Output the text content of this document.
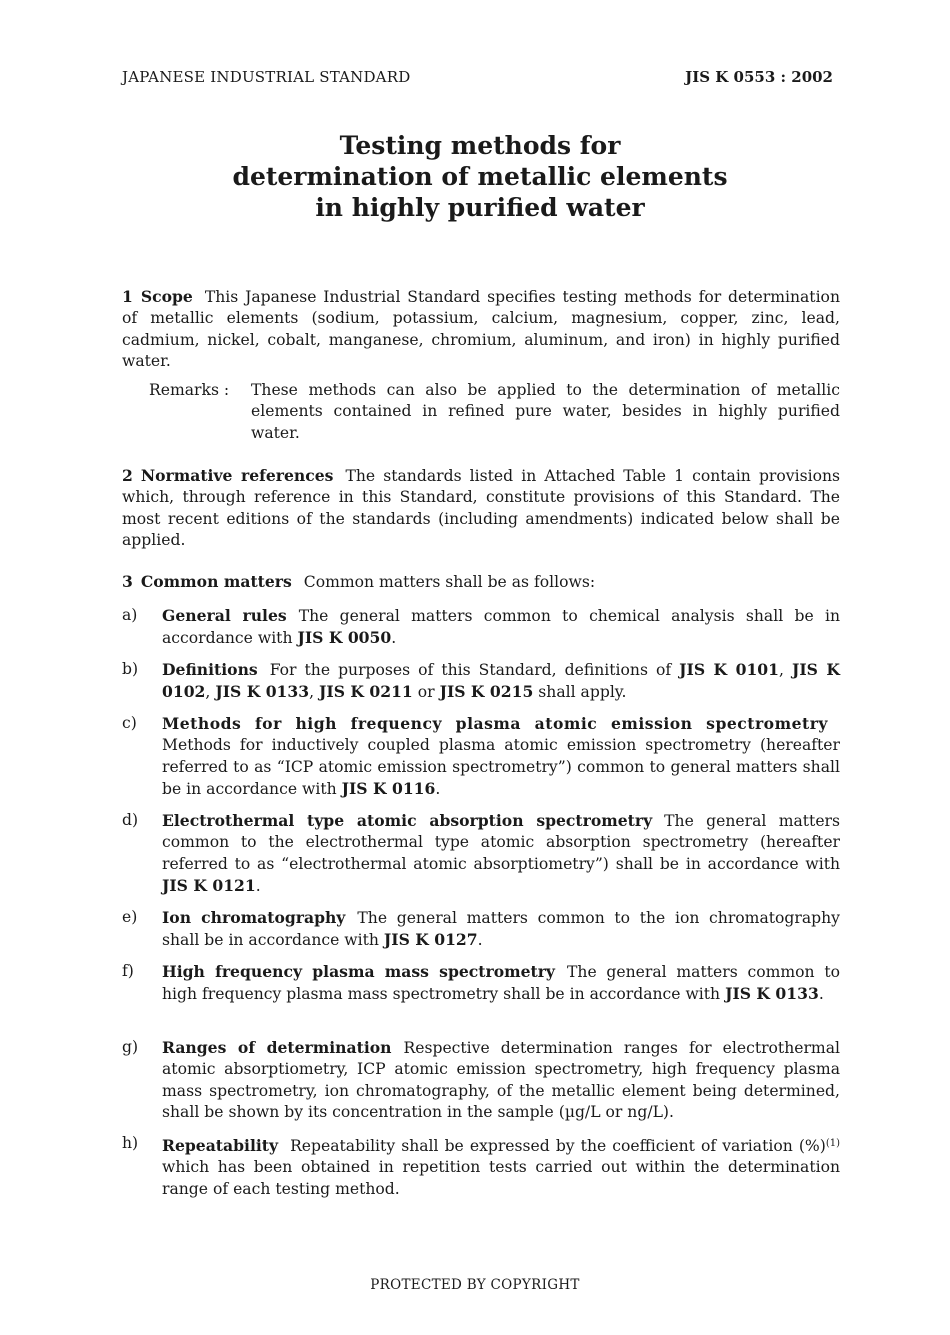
JAPANESE INDUSTRIAL STANDARD	JIS K 0553 : 2002
Testing methods for
determination of metallic elements
in highly purified water
1 Scope This Japanese Industrial Standard specifies testing methods for determination of metallic elements (sodium, potassium, calcium, magnesium, copper, zinc, lead, cadmium, nickel, cobalt, manganese, chromium, aluminum, and iron) in highly purified water.
Remarks : These methods can also be applied to the determination of metallic elements contained in refined pure water, besides in highly purified water.
2 Normative references The standards listed in Attached Table 1 contain provisions which, through reference in this Standard, constitute provisions of this Standard. The most recent editions of the standards (including amendments) indicated below shall be applied.
3 Common matters Common matters shall be as follows:
a) General rules The general matters common to chemical analysis shall be in accordance with JIS K 0050.
b) Definitions For the purposes of this Standard, definitions of JIS K 0101, JIS K 0102, JIS K 0133, JIS K 0211 or JIS K 0215 shall apply.
c) Methods for high frequency plasma atomic emission spectrometry Methods for inductively coupled plasma atomic emission spectrometry (hereafter referred to as “ICP atomic emission spectrometry”) common to general matters shall be in accordance with JIS K 0116.
d) Electrothermal type atomic absorption spectrometry The general matters common to the electrothermal type atomic absorption spectrometry (hereafter referred to as “electrothermal atomic absorptiometry”) shall be in accordance with JIS K 0121.
e) Ion chromatography The general matters common to the ion chromatography shall be in accordance with JIS K 0127.
f) High frequency plasma mass spectrometry The general matters common to high frequency plasma mass spectrometry shall be in accordance with JIS K 0133.
g) Ranges of determination Respective determination ranges for electrothermal atomic absorptiometry, ICP atomic emission spectrometry, high frequency plasma mass spectrometry, ion chromatography, of the metallic element being determined, shall be shown by its concentration in the sample (µg/L or ng/L).
h) Repeatability Repeatability shall be expressed by the coefficient of variation (%)$^{(1)}$ which has been obtained in repetition tests carried out within the determination range of each testing method.
PROTECTED BY COPYRIGHT
